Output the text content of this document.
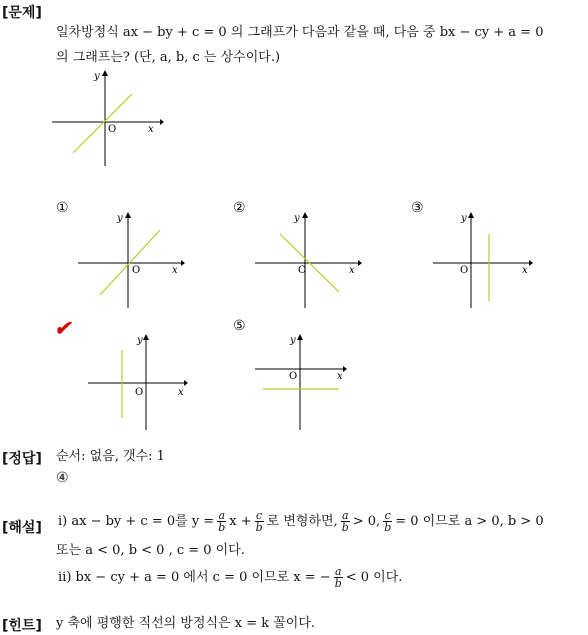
[문제]
[정답]
[해설]
[힌트]
일차방정식 ax − by + c = 0 의 그래프가 다음과 같을 때, 다음 중 bx − cy + a = 0
의 그래프는? (단, a, b, c 는 상수이다.)
O	x
y
①	②	③
✔	⑤
O	x
y
O	x
y
O	x
y
O	x
y
O	x
y
순서: 없음, 갯수: 1
④
ⅰ) ax − by + c = 0를 $y = \frac{a}{b}$ $x + \frac{c}{b}$ 로 변형하면, $\frac{a}{b} > 0$, $\frac{c}{b} = 0$ 이므로 a > 0, b > 0
또는 a < 0, b < 0 , c = 0 이다.
ⅱ) bx − cy + a = 0 에서 c = 0 이므로 x = − $\frac{a}{b} < 0$ 이다.
y 축에 평행한 직선의 방정식은 x = k 꼴이다.
